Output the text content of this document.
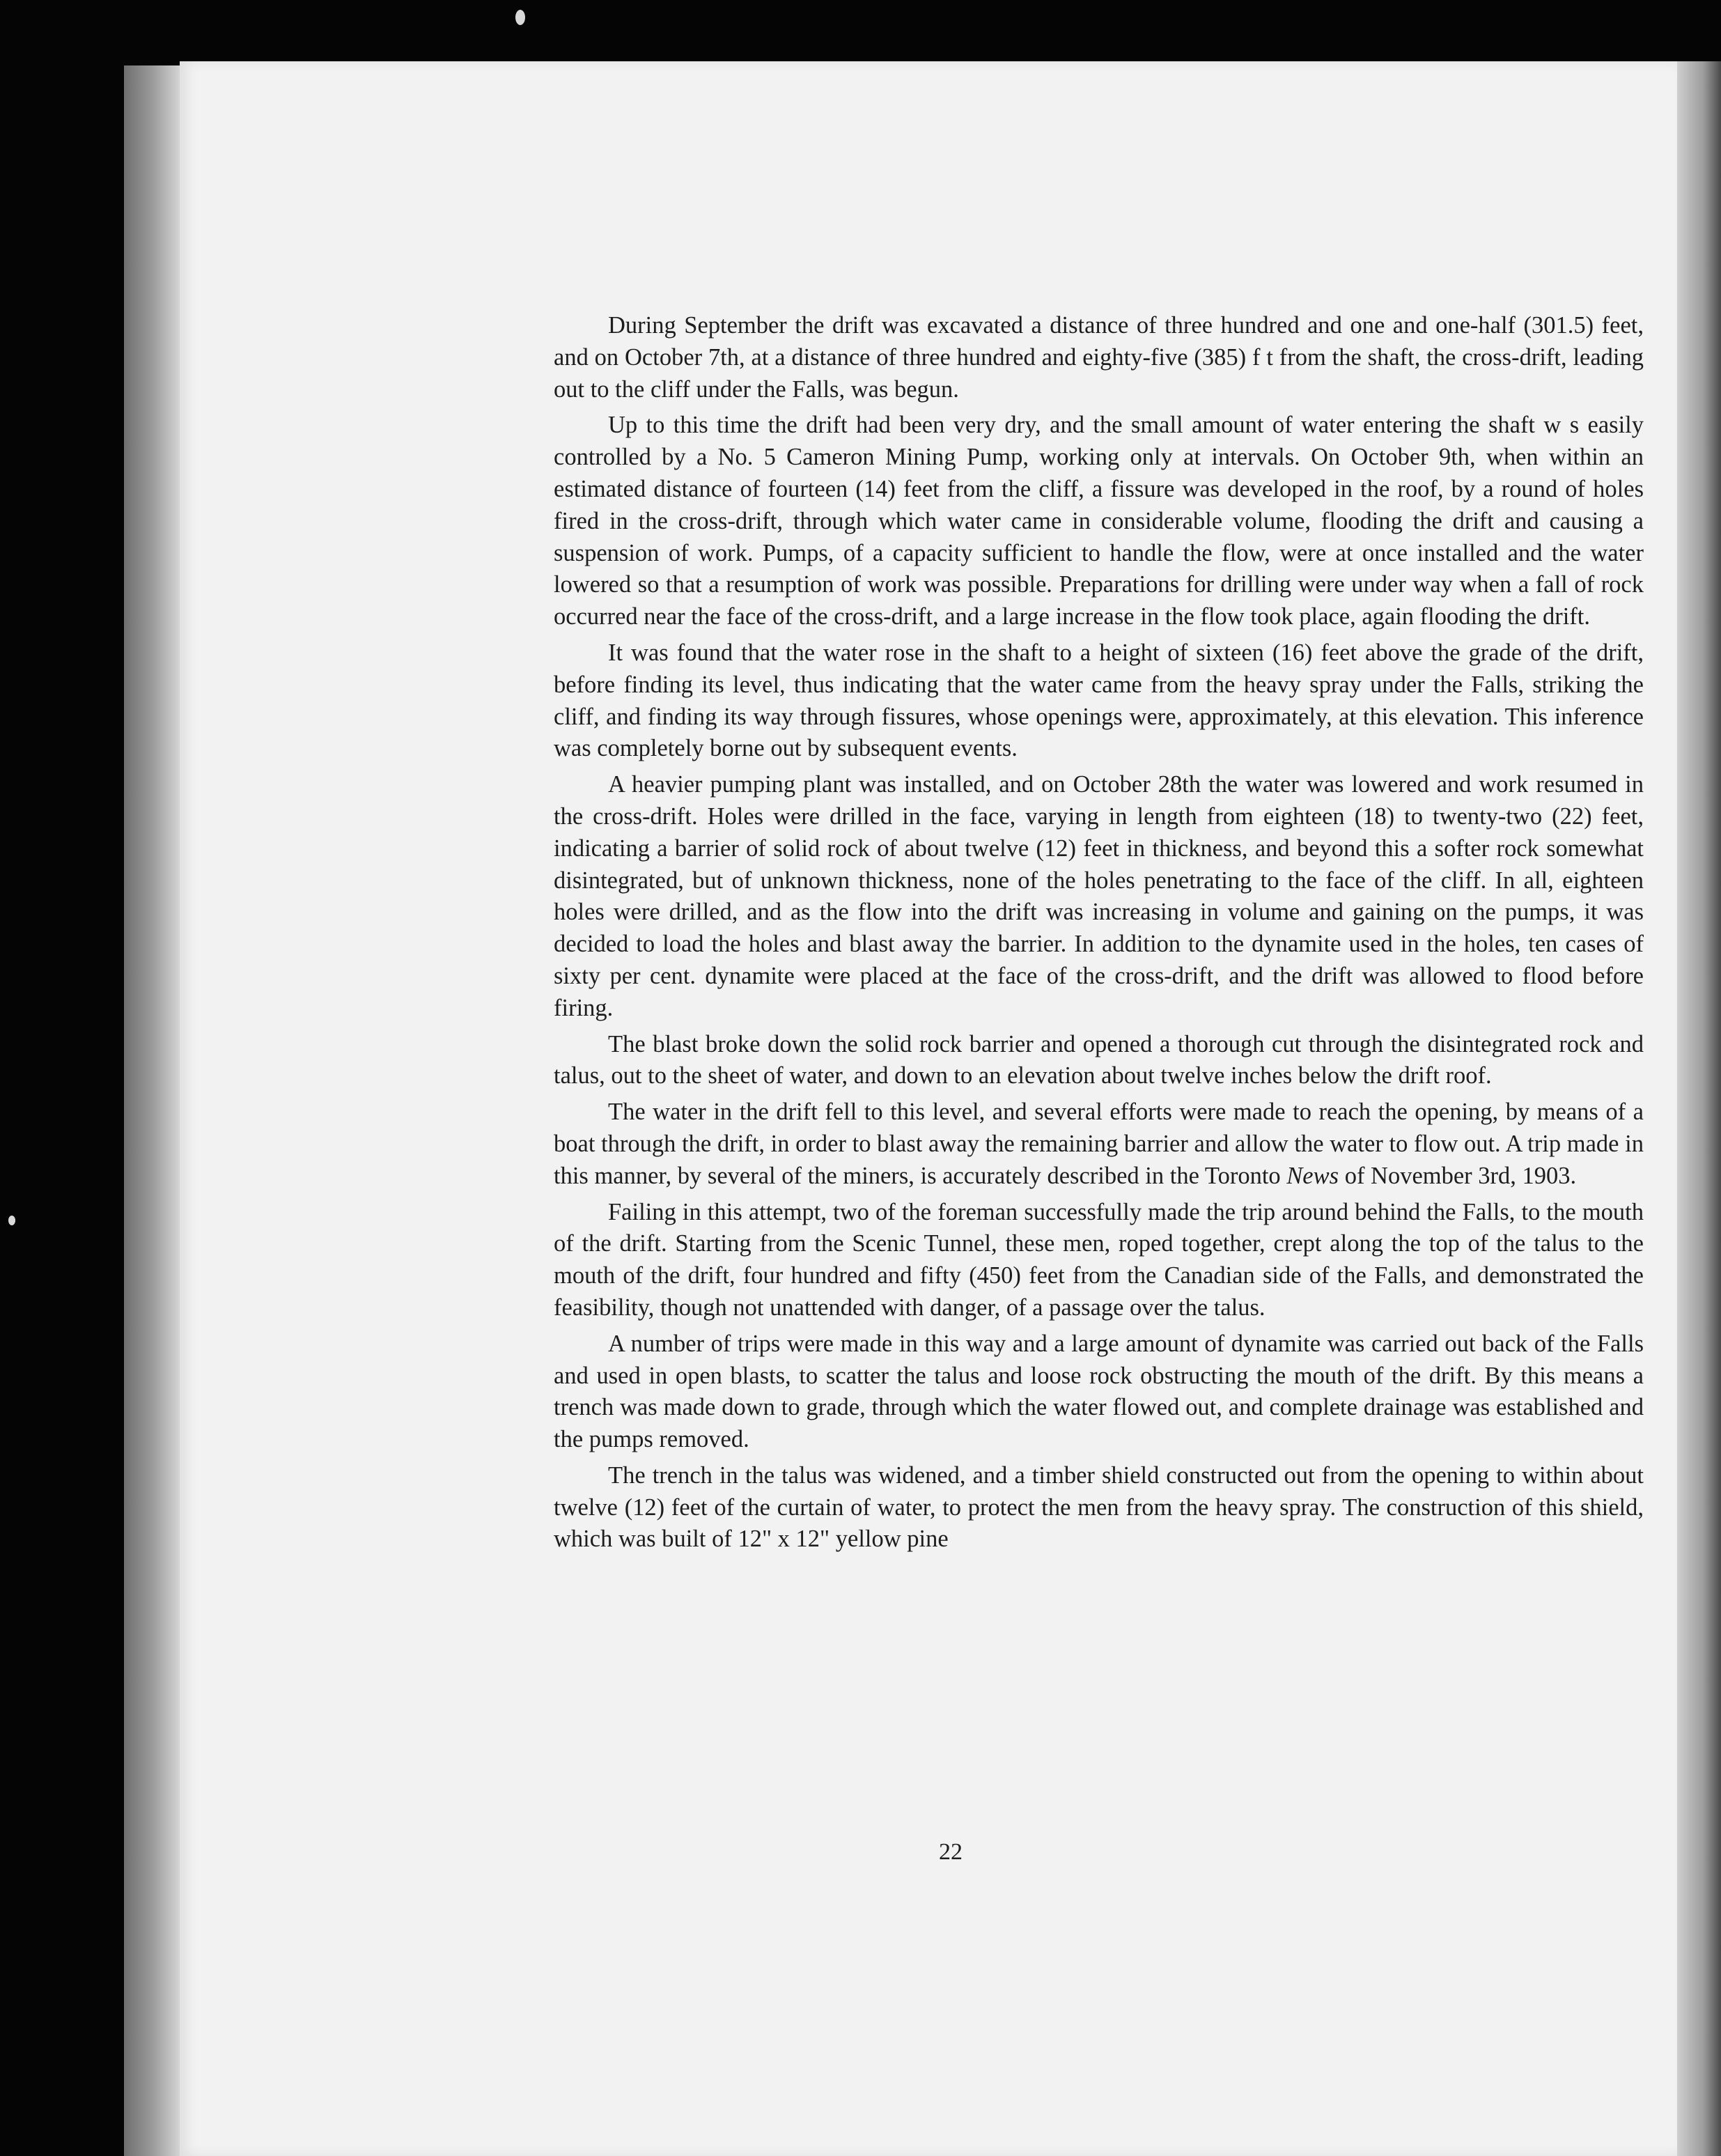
During September the drift was excavated a distance of three hundred and one and one-half (301.5) feet, and on October 7th, at a distance of three hundred and eighty-five (385) f t from the shaft, the cross-drift, leading out to the cliff under the Falls, was begun.

Up to this time the drift had been very dry, and the small amount of water entering the shaft w s easily controlled by a No. 5 Cameron Mining Pump, working only at intervals. On October 9th, when within an estimated distance of fourteen (14) feet from the cliff, a fissure was developed in the roof, by a round of holes fired in the cross-drift, through which water came in considerable volume, flooding the drift and causing a suspension of work. Pumps, of a capacity sufficient to handle the flow, were at once installed and the water lowered so that a resumption of work was possible. Preparations for drilling were under way when a fall of rock occurred near the face of the cross-drift, and a large increase in the flow took place, again flooding the drift.

It was found that the water rose in the shaft to a height of sixteen (16) feet above the grade of the drift, before finding its level, thus indicating that the water came from the heavy spray under the Falls, striking the cliff, and finding its way through fissures, whose openings were, approximately, at this elevation. This inference was completely borne out by subsequent events.

A heavier pumping plant was installed, and on October 28th the water was lowered and work resumed in the cross-drift. Holes were drilled in the face, varying in length from eighteen (18) to twenty-two (22) feet, indicating a barrier of solid rock of about twelve (12) feet in thickness, and beyond this a softer rock somewhat disintegrated, but of unknown thickness, none of the holes penetrating to the face of the cliff. In all, eighteen holes were drilled, and as the flow into the drift was increasing in volume and gaining on the pumps, it was decided to load the holes and blast away the barrier. In addition to the dynamite used in the holes, ten cases of sixty per cent. dynamite were placed at the face of the cross-drift, and the drift was allowed to flood before firing.

The blast broke down the solid rock barrier and opened a thorough cut through the disintegrated rock and talus, out to the sheet of water, and down to an elevation about twelve inches below the drift roof.

The water in the drift fell to this level, and several efforts were made to reach the opening, by means of a boat through the drift, in order to blast away the remaining barrier and allow the water to flow out. A trip made in this manner, by several of the miners, is accurately described in the Toronto News of November 3rd, 1903.

Failing in this attempt, two of the foreman successfully made the trip around behind the Falls, to the mouth of the drift. Starting from the Scenic Tunnel, these men, roped together, crept along the top of the talus to the mouth of the drift, four hundred and fifty (450) feet from the Canadian side of the Falls, and demonstrated the feasibility, though not unattended with danger, of a passage over the talus.

A number of trips were made in this way and a large amount of dynamite was carried out back of the Falls and used in open blasts, to scatter the talus and loose rock obstructing the mouth of the drift. By this means a trench was made down to grade, through which the water flowed out, and complete drainage was established and the pumps removed.

The trench in the talus was widened, and a timber shield constructed out from the opening to within about twelve (12) feet of the curtain of water, to protect the men from the heavy spray. The construction of this shield, which was built of 12" x 12" yellow pine

22
